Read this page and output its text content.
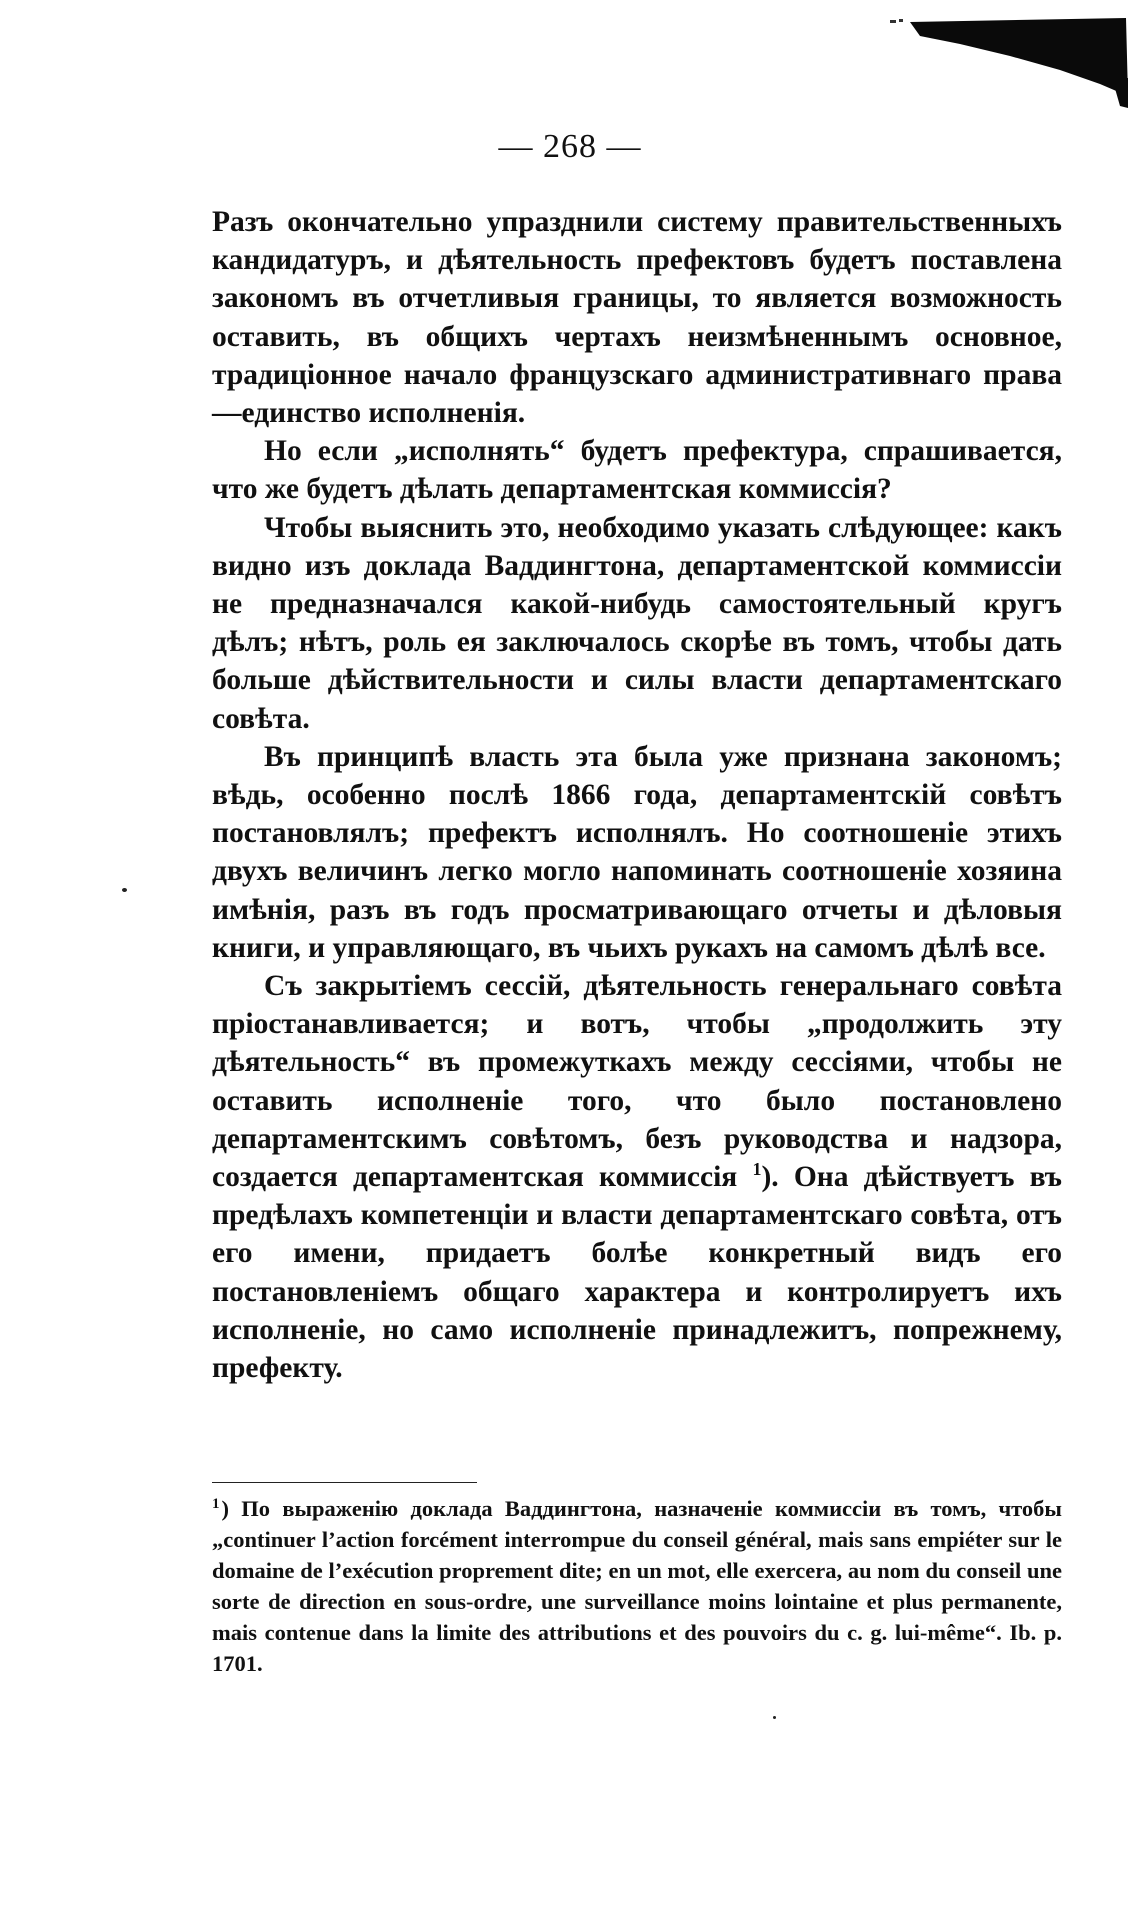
— 268 —

Разъ окончательно упразднили систему правительственныхъ кандидатуръ, и дѣятельность префектовъ будетъ поставлена закономъ въ отчетливыя границы, то является возможность оставить, въ общихъ чертахъ неизмѣненнымъ основное, традиціонное начало французскаго административнаго права—единство исполненія.

Но если „исполнять“ будетъ префектура, спрашивается, что же будетъ дѣлать департаментская коммиссія?

Чтобы выяснить это, необходимо указать слѣдующее: какъ видно изъ доклада Ваддингтона, департаментской коммиссіи не предназначался какой-нибудь самостоятельный кругъ дѣлъ; нѣтъ, роль ея заключалось скорѣе въ томъ, чтобы дать больше дѣйствительности и силы власти департаментскаго совѣта.

Въ принципѣ власть эта была уже признана закономъ; вѣдь, особенно послѣ 1866 года, департаментскій совѣтъ постановлялъ; префектъ исполнялъ. Но соотношеніе этихъ двухъ величинъ легко могло напоминать соотношеніе хозяина имѣнія, разъ въ годъ просматривающаго отчеты и дѣловыя книги, и управляющаго, въ чьихъ рукахъ на самомъ дѣлѣ все.

Съ закрытіемъ сессій, дѣятельность генеральнаго совѣта пріостанавливается; и вотъ, чтобы „продолжить эту дѣятельность“ въ промежуткахъ между сессіями, чтобы не оставить исполненіе того, что было постановлено департаментскимъ совѣтомъ, безъ руководства и надзора, создается департаментская коммиссія $^1$). Она дѣйствуетъ въ предѣлахъ компетенціи и власти департаментскаго совѣта, отъ его имени, придаетъ болѣе конкретный видъ его постановленіемъ общаго характера и контролируетъ ихъ исполненіе, но само исполненіе принадлежитъ, попрежнему, префекту.

$^1$) По выраженію доклада Ваддингтона, назначеніе коммиссіи въ томъ, чтобы „continuer l’action forcément interrompue du conseil général, mais sans empiéter sur le domaine de l’exécution proprement dite; en un mot, elle exercera, au nom du conseil une sorte de direction en sous-ordre, une surveillance moins lointaine et plus permanente, mais contenue dans la limite des attributions et des pouvoirs du c. g. lui-même“. Ib. p. 1701.
